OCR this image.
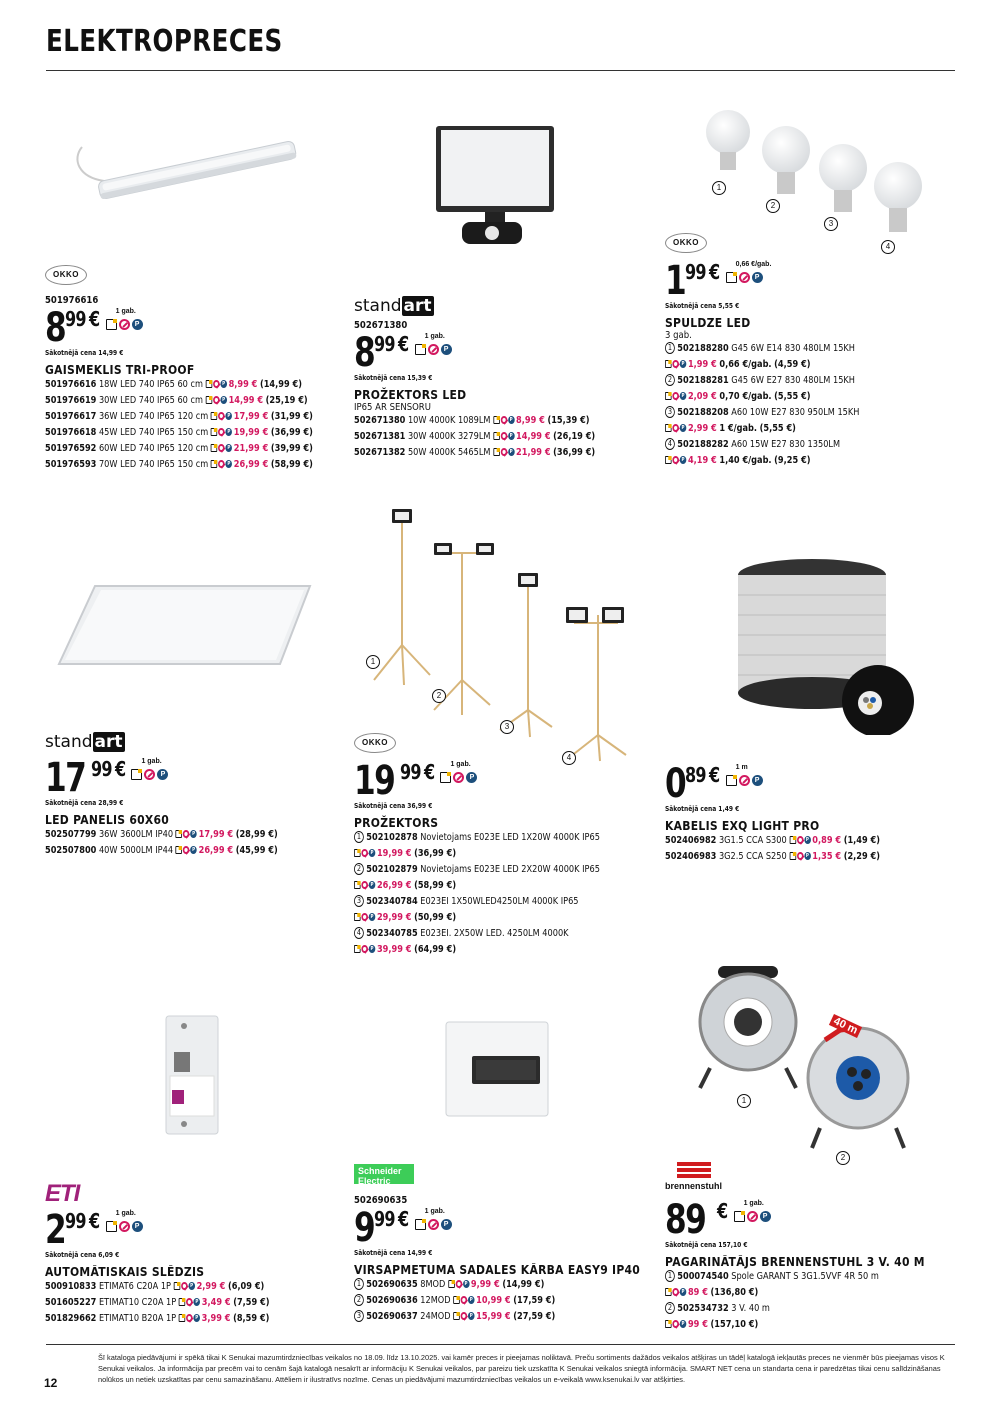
ELEKTROPRECES
OKKO
501976616
8 99 € 1 gab.
P
Sākotnējā cena 14,99 €
GAISMEKLIS TRI-PROOF
501976616 18W LED 740 IP65 60 cm	P 8,99 € (14,99 €)
501976619 30W LED 740 IP65 60 cm	P 14,99 € (25,19 €)
501976617 36W LED 740 IP65 120 cm	P 17,99 € (31,99 €)
501976618 45W LED 740 IP65 150 cm	P 19,99 € (36,99 €)
501976592 60W LED 740 IP65 120 cm	P 21,99 € (39,99 €)
501976593 70W LED 740 IP65 150 cm	P 26,99 € (58,99 €)
stand art
502671380
8 99 € 1 gab.
P
Sākotnējā cena 15,39 €
PROŽEKTORS LED
IP65 AR SENSORU
502671380 10W 4000K 1089LM	P 8,99 € (15,39 €)
502671381 30W 4000K 3279LM	P 14,99 € (26,19 €)
502671382 50W 4000K 5465LM	P 21,99 € (36,99 €)
1
2
3
4
OKKO
1 99 € 0,66 €/gab.
P
Sākotnējā cena 5,55 €
SPULDZE LED
3 gab.
1 502188280 G45 6W E14 830 480LM 15KH
P 1,99 € 0,66 €/gab. (4,59 €)
2 502188281 G45 6W E27 830 480LM 15KH
P 2,09 € 0,70 €/gab. (5,55 €)
3 502188208 A60 10W E27 830 950LM 15KH
P 2,99 € 1 €/gab. (5,55 €)
4 502188282 A60 15W E27 830 1350LM
P 4,19 € 1,40 €/gab. (9,25 €)
stand art
17 99 € 1 gab.
P
Sākotnējā cena 28,99 €
LED PANELIS 60X60
502507799 36W 3600LM IP40	P 17,99 € (28,99 €)
502507800 40W 5000LM IP44	P 26,99 € (45,99 €)
1
2
3
4
OKKO
19 99 € 1 gab.
P
Sākotnējā cena 36,99 €
PROŽEKTORS
1 502102878 Novietojams E023E LED 1X20W 4000K IP65
P 19,99 € (36,99 €)
2 502102879 Novietojams E023E LED 2X20W 4000K IP65
P 26,99 € (58,99 €)
3 502340784 E023EI 1X50WLED4250LM 4000K IP65
P 29,99 € (50,99 €)
4 502340785 E023EI. 2X50W LED. 4250LM 4000K
P 39,99 € (64,99 €)
0 89 € 1 m
P
Sākotnējā cena 1,49 €
KABELIS EXQ LIGHT PRO
502406982 3G1.5 CCA S300	P 0,89 € (1,49 €)
502406983 3G2.5 CCA S250	P 1,35 € (2,29 €)
ETI
2 99 € 1 gab.
P
Sākotnējā cena 6,09 €
AUTOMĀTISKAIS SLĒDZIS
500910833 ETIMAT6 C20A 1P	P 2,99 € (6,09 €)
501605227 ETIMAT10 C20A 1P	P 3,49 € (7,59 €)
501829662 ETIMAT10 B20A 1P	P 3,99 € (8,59 €)
Schneider Electric
502690635
9 99 € 1 gab.
P
Sākotnējā cena 14,99 €
VIRSAPMETUMA SADALES KĀRBA EASY9 IP40
1 502690635 8MOD	P 9,99 € (14,99 €)
2 502690636 12MOD	P 10,99 € (17,59 €)
3 502690637 24MOD	P 15,99 € (27,59 €)
40 m
1
2
brennenstuhl
89 € 1 gab.
P
Sākotnējā cena 157,10 €
PAGARINĀTĀJS BRENNENSTUHL 3 V. 40 M
1 500074540 Spole GARANT S 3G1.5VVF 4R 50 m
P 89 € (136,80 €)
2 502534732 3 V. 40 m
P 99 € (157,10 €)
12
Šī kataloga piedāvājumi ir spēkā tikai K Senukai mazumtirdzniecības veikalos no 18.09. līdz 13.10.2025. vai kamēr preces ir pieejamas noliktavā. Preču sortiments dažādos veikalos atšķiras un tādēļ katalogā iekļautās preces ne vienmēr būs pieejamas visos K Senukai veikalos. Ja informācija par precēm vai to cenām šajā katalogā nesakrīt ar informāciju K Senukai veikalos, par pareizu tiek uzskatīta K Senukai veikalos sniegtā informācija. SMART NET cena un standarta cena ir paredzētas tikai cenu salīdzināšanas nolūkos un netiek uzskatītas par cenu samazināšanu. Attēliem ir ilustratīvs nozīme. Cenas un piedāvājumi mazumtirdzniecības veikalos un e-veikalā www.ksenukai.lv var atšķirties.
